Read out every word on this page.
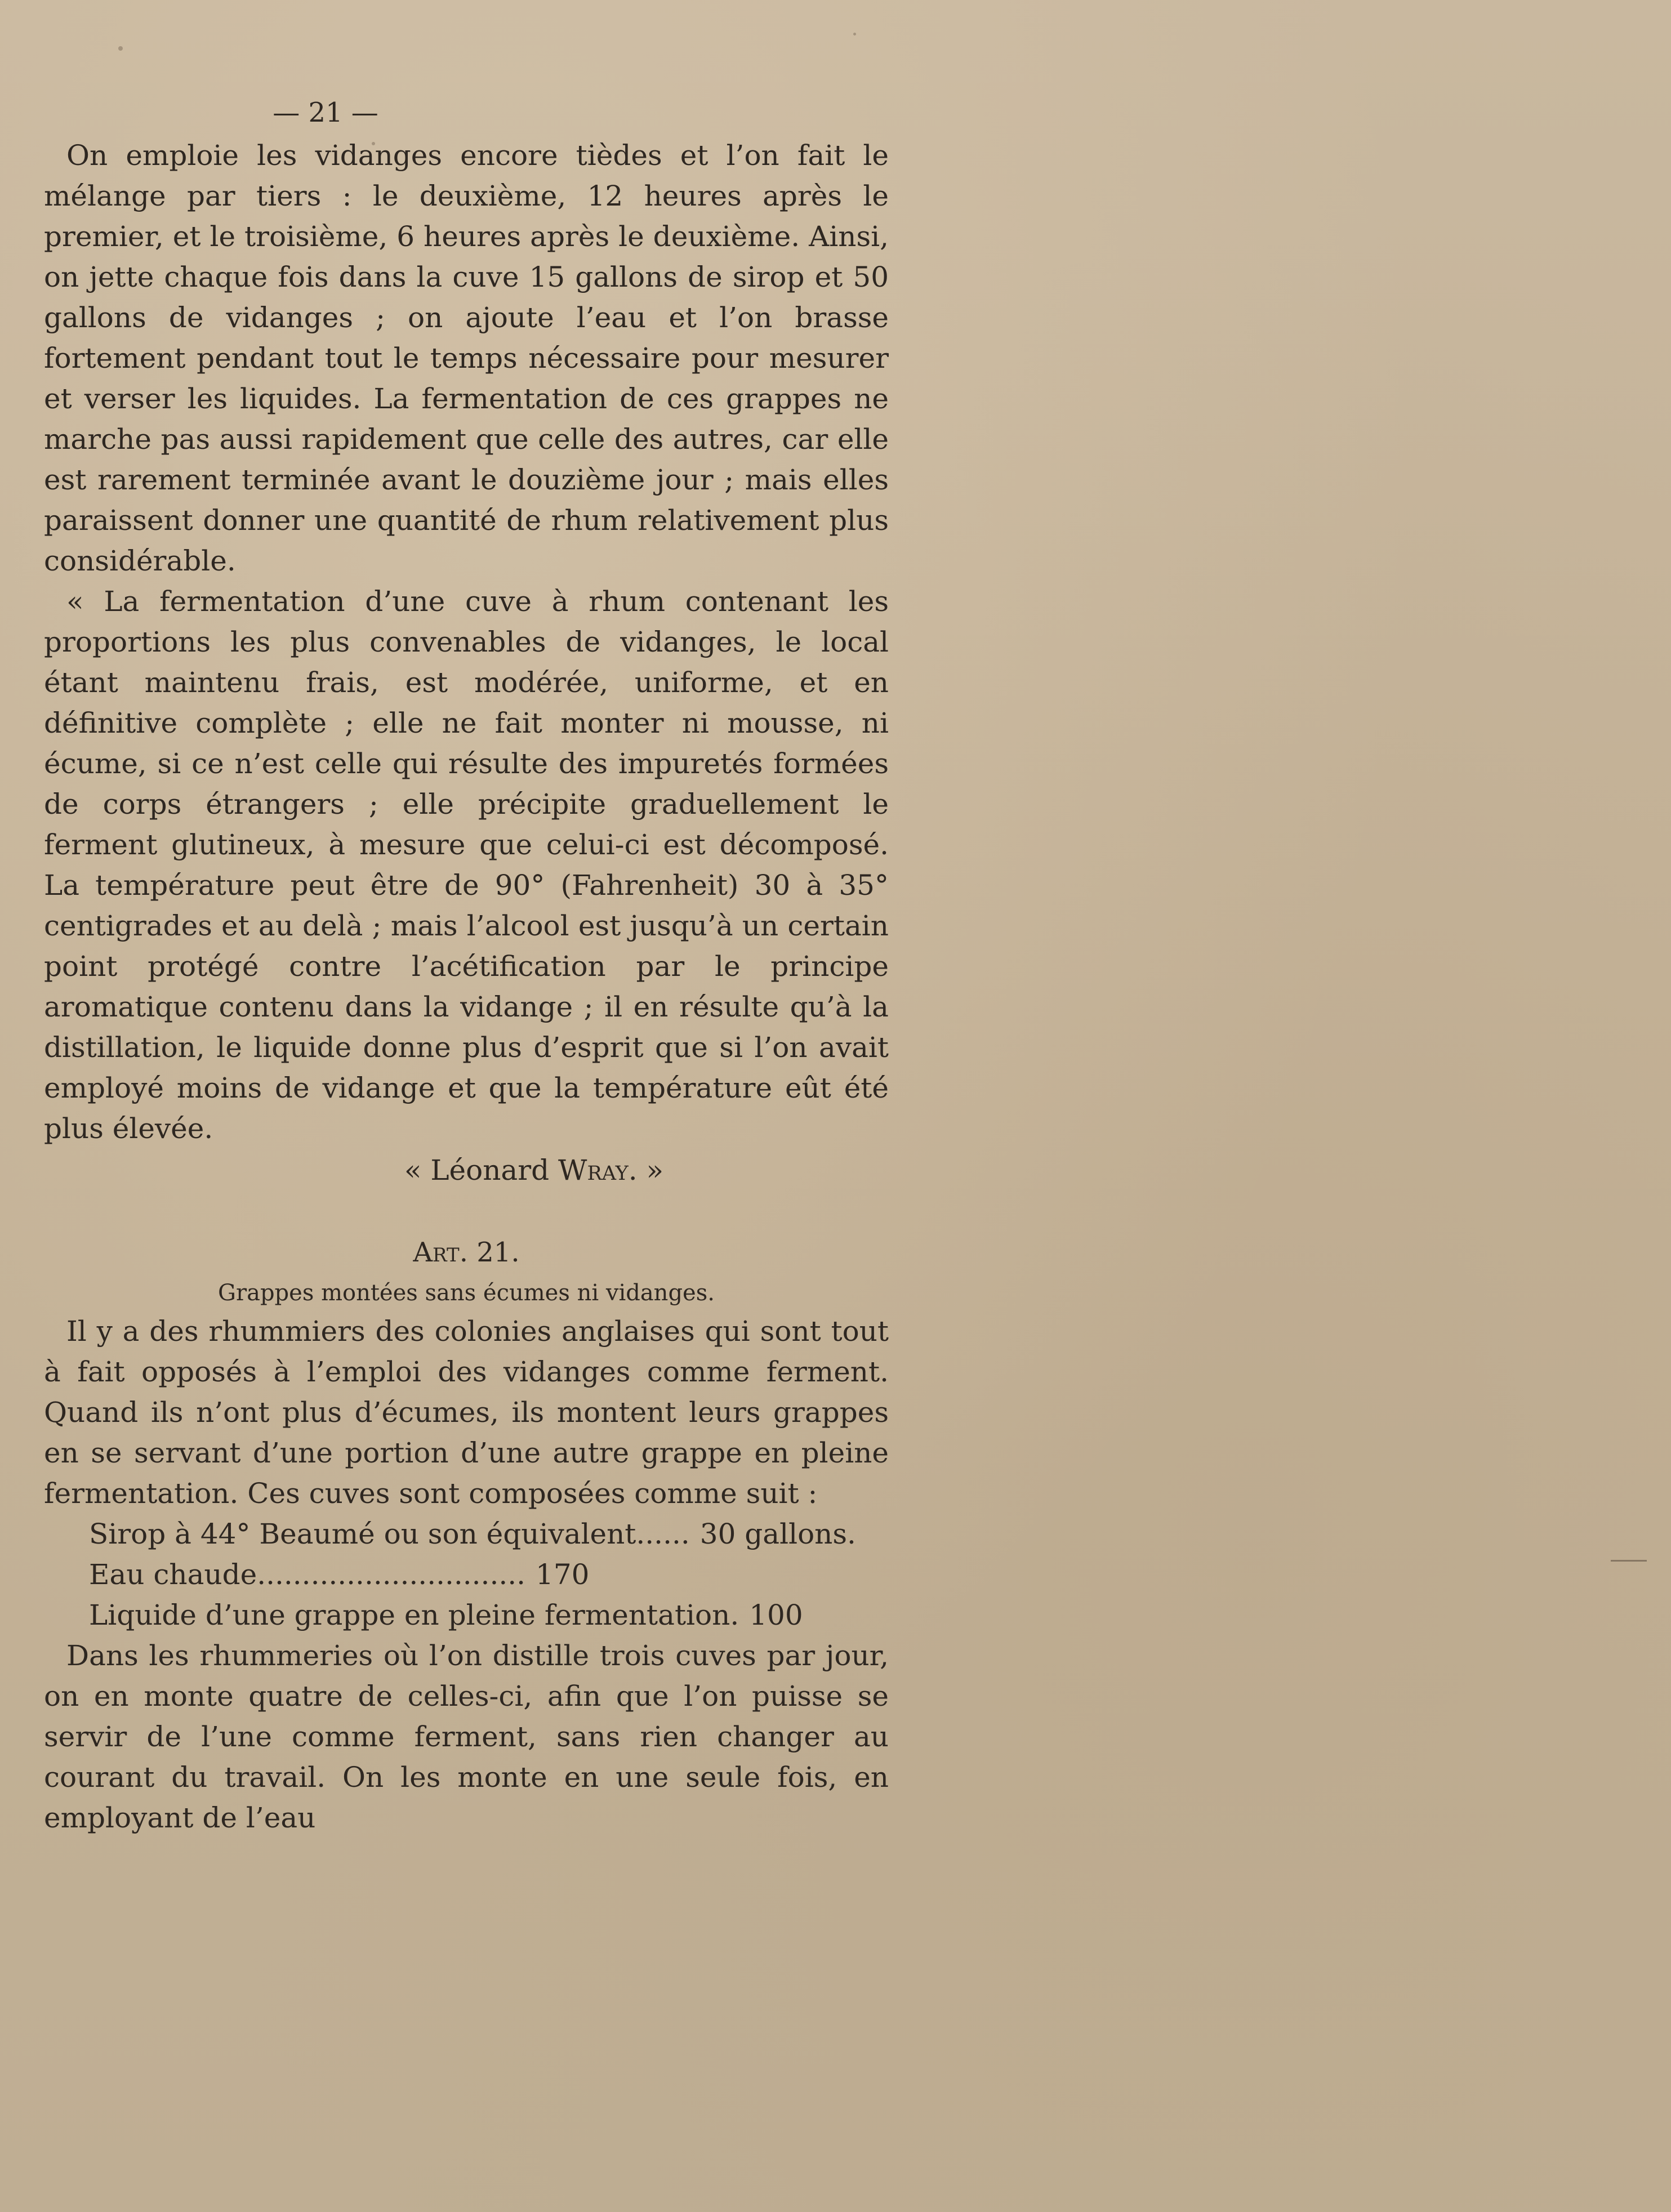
— 21 —

On emploie les vidanges encore tièdes et l’on fait le mélange par tiers : le deuxième, 12 heures après le premier, et le troisième, 6 heures après le deuxième. Ainsi, on jette chaque fois dans la cuve 15 gallons de sirop et 50 gallons de vidanges ; on ajoute l’eau et l’on brasse fortement pendant tout le temps nécessaire pour mesurer et verser les liquides. La fermentation de ces grappes ne marche pas aussi rapidement que celle des autres, car elle est rarement terminée avant le douzième jour ; mais elles paraissent donner une quantité de rhum relativement plus considérable.

« La fermentation d’une cuve à rhum contenant les proportions les plus convenables de vidanges, le local étant maintenu frais, est modérée, uniforme, et en définitive complète ; elle ne fait monter ni mousse, ni écume, si ce n’est celle qui résulte des impuretés formées de corps étrangers ; elle précipite graduellement le ferment glutineux, à mesure que celui-ci est décomposé. La température peut être de 90° (Fahrenheit) 30 à 35° centigrades et au delà ; mais l’alcool est jusqu’à un certain point protégé contre l’acétification par le principe aromatique contenu dans la vidange ; il en résulte qu’à la distillation, le liquide donne plus d’esprit que si l’on avait employé moins de vidange et que la température eût été plus élevée.

« Léonard Wray. »
Art. 21.
Grappes montées sans écumes ni vidanges.

Il y a des rhummiers des colonies anglaises qui sont tout à fait opposés à l’emploi des vidanges comme ferment. Quand ils n’ont plus d’écumes, ils montent leurs grappes en se servant d’une portion d’une autre grappe en pleine fermentation. Ces cuves sont composées comme suit :

Sirop à 44° Beaumé ou son équivalent ...... 30 gallons.
Eau chaude .............................. 170
Liquide d’une grappe en pleine fermentation. 100

Dans les rhummeries où l’on distille trois cuves par jour, on en monte quatre de celles-ci, afin que l’on puisse se servir de l’une comme ferment, sans rien changer au courant du travail. On les monte en une seule fois, en employant de l’eau
